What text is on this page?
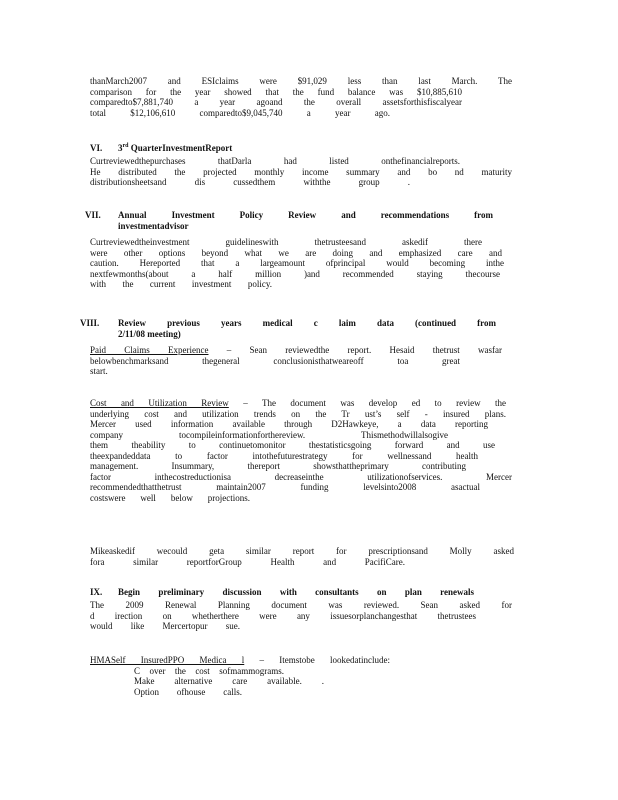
thanMarch2007 and ESIclaims were $91,029 less than last March. The

comparison for the year showed that the fund balance was $10,885,610

comparedto$7,881,740 a year agoand the overall assetsforthisfiscalyear

total $12,106,610 comparedto$9,045,740 a year ago.

VI.	3rd QuarterInvestmentReport

Curtreviewedthepurchases thatDarla had listed onthefinancialreports.

He distributed the projected monthly income summary and bo nd maturity

distributionsheetsand dis cussedthem withthe group .

VII.	Annual Investment Policy Review and recommendations from
investmentadvisor

Curtreviewedtheinvestment guidelineswith thetrusteesand askedif there

were other options beyond what we are doing and emphasized care and

caution. Hereported that a largeamount ofprincipal would becoming inthe

nextfewmonths(about a half million )and recommended staying thecourse

with the current investment policy.

VIII.	Review previous years medical c laim data (continued from
2/11/08 meeting)

Paid Claims Experience – Sean reviewedthe report. Hesaid thetrust wasfar

belowbenchmarksand thegeneral conclusionisthatweareoff toa great

start.

Cost and Utilization Review – The document was develop ed to review the

underlying cost and utilization trends on the Tr ust’s self - insured plans.

Mercer used information available through D2Hawkeye, a data reporting

company tocompileinformationforthereview. Thismethodwillalsogive

them theability to continuetomonitor thestatisticsgoing forward and use

theexpandeddata to factor intothefuturestrategy for wellnessand health

management. Insummary, thereport showsthattheprimary contributing

factor inthecostreductionisa decreaseinthe utilizationofservices. Mercer

recommendedthatthetrust maintain2007 funding levelsinto2008 asactual

costswere well below projections.

Mikeaskedif wecould geta similar report for prescriptionsand Molly asked

fora similar reportforGroup Health and PacifiCare.

IX.	Begin preliminary discussion with consultants on plan renewals

The 2009 Renewal Planning document was reviewed. Sean asked for

d irection on whetherthere were any issuesorplanchangesthat thetrustees

would like Mercertopur sue.

HMASelf InsuredPPO Medica l – Itemstobe lookedatinclude:

C over the cost sofmammograms.
Make alternative care available. .
Option ofhouse calls.
